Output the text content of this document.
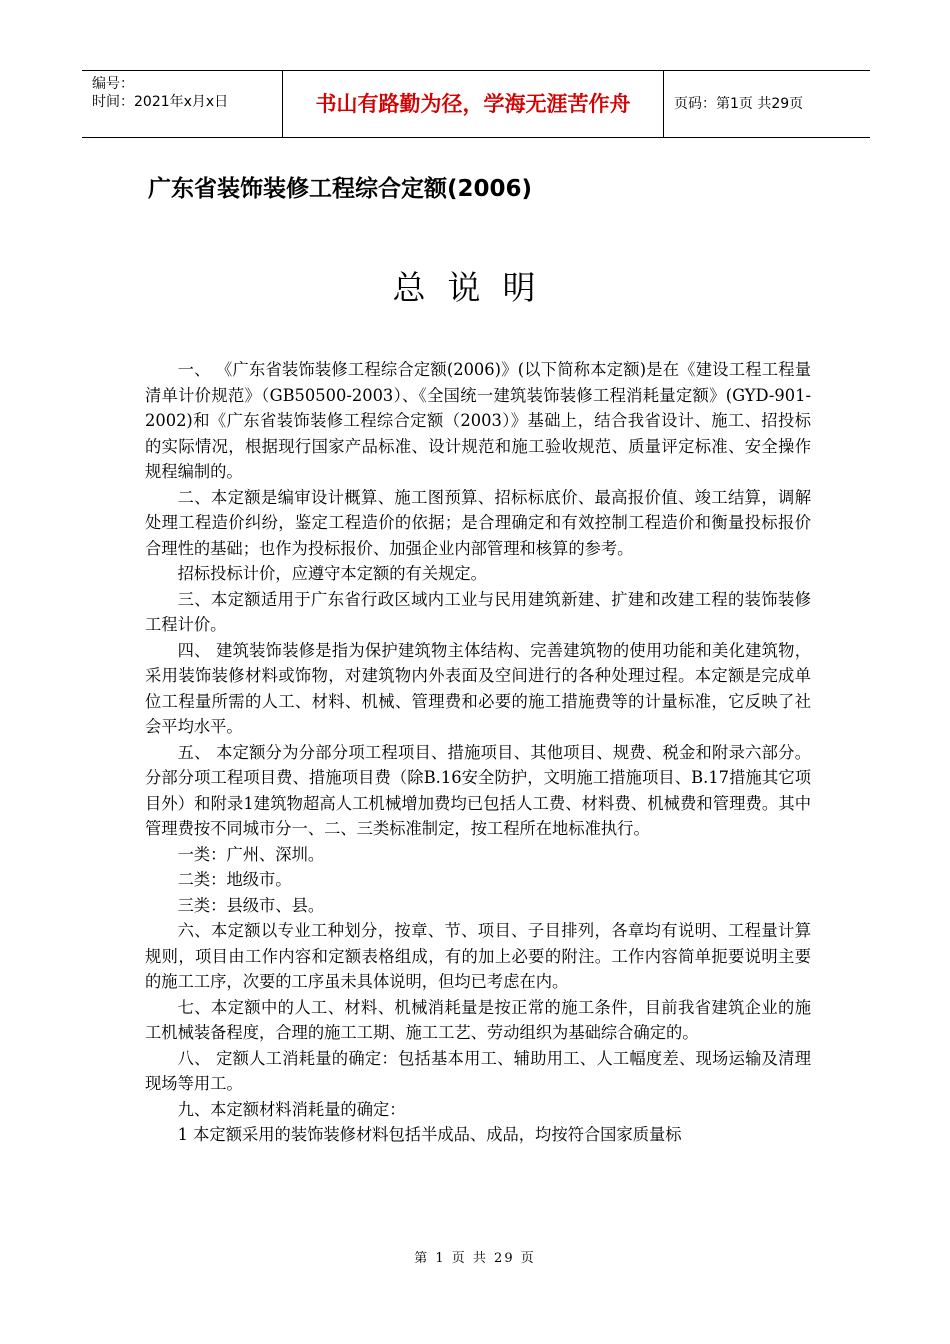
编号：
时间：2021年x月x日	书山有路勤为径，学海无涯苦作舟	页码：第1页 共29页
广东省装饰装修工程综合定额(2006)
总说明

一、 《广东省装饰装修工程综合定额(2006)》(以下简称本定额)是在《建设工程工程量清单计价规范》（GB50500-2003）、《全国统一建筑装饰装修工程消耗量定额》(GYD-901-2002)和《广东省装饰装修工程综合定额（2003）》基础上，结合我省设计、施工、招投标的实际情况，根据现行国家产品标准、设计规范和施工验收规范、质量评定标准、安全操作规程编制的。

二、本定额是编审设计概算、施工图预算、招标标底价、最高报价值、竣工结算，调解处理工程造价纠纷，鉴定工程造价的依据；是合理确定和有效控制工程造价和衡量投标报价合理性的基础；也作为投标报价、加强企业内部管理和核算的参考。

招标投标计价，应遵守本定额的有关规定。

三、本定额适用于广东省行政区域内工业与民用建筑新建、扩建和改建工程的装饰装修工程计价。

四、 建筑装饰装修是指为保护建筑物主体结构、完善建筑物的使用功能和美化建筑物，采用装饰装修材料或饰物，对建筑物内外表面及空间进行的各种处理过程。本定额是完成单位工程量所需的人工、材料、机械、管理费和必要的施工措施费等的计量标准，它反映了社会平均水平。

五、 本定额分为分部分项工程项目、措施项目、其他项目、规费、税金和附录六部分。分部分项工程项目费、措施项目费（除B.16安全防护，文明施工措施项目、B.17措施其它项目外）和附录1建筑物超高人工机械增加费均已包括人工费、材料费、机械费和管理费。其中管理费按不同城市分一、二、三类标准制定，按工程所在地标准执行。

一类：广州、深圳。

二类：地级市。

三类：县级市、县。

六、本定额以专业工种划分，按章、节、项目、子目排列，各章均有说明、工程量计算规则，项目由工作内容和定额表格组成，有的加上必要的附注。工作内容简单扼要说明主要的施工工序，次要的工序虽未具体说明，但均已考虑在内。

七、本定额中的人工、材料、机械消耗量是按正常的施工条件，目前我省建筑企业的施工机械装备程度，合理的施工工期、施工工艺、劳动组织为基础综合确定的。

八、 定额人工消耗量的确定：包括基本用工、辅助用工、人工幅度差、现场运输及清理现场等用工。

九、本定额材料消耗量的确定：

1 本定额采用的装饰装修材料包括半成品、成品，均按符合国家质量标

第 1 页 共 29 页
